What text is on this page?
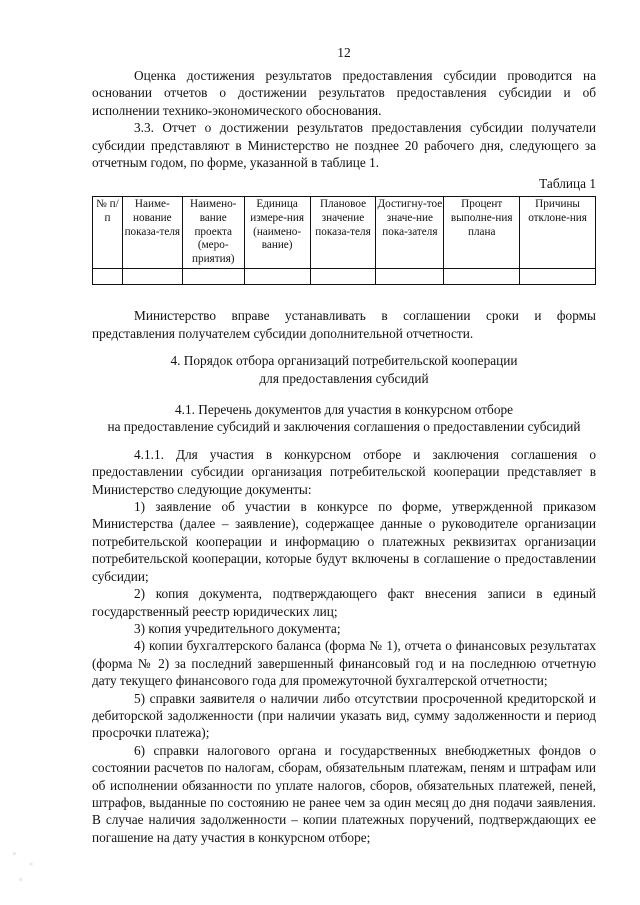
12

Оценка достижения результатов предоставления субсидии проводится на основании отчетов о достижении результатов предоставления субсидии и об исполнении технико-экономического обоснования.

3.3. Отчет о достижении результатов предоставления субсидии получатели субсидии представляют в Министерство не позднее 20 рабочего дня, следующего за отчетным годом, по форме, указанной в таблице 1.

Таблица 1

№ п/п	Наиме-нование показа-теля	Наимено-вание проекта (меро-приятия)	Единица измере-ния (наимено-вание)	Плановое значение показа-теля	Достигну-тое значе-ние пока-зателя	Процент выполне-ния плана	Причины отклоне-ния

Министерство вправе устанавливать в соглашении сроки и формы представления получателем субсидии дополнительной отчетности.

4. Порядок отбора организаций потребительской кооперации

для предоставления субсидий

4.1. Перечень документов для участия в конкурсном отборе

на предоставление субсидий и заключения соглашения о предоставлении субсидий

4.1.1. Для участия в конкурсном отборе и заключения соглашения о предоставлении субсидии организация потребительской кооперации представляет в Министерство следующие документы:

1) заявление об участии в конкурсе по форме, утвержденной приказом Министерства (далее – заявление), содержащее данные о руководителе организации потребительской кооперации и информацию о платежных реквизитах организации потребительской кооперации, которые будут включены в соглашение о предоставлении субсидии;

2) копия документа, подтверждающего факт внесения записи в единый государственный реестр юридических лиц;

3) копия учредительного документа;

4) копии бухгалтерского баланса (форма № 1), отчета о финансовых результатах (форма № 2) за последний завершенный финансовый год и на последнюю отчетную дату текущего финансового года для промежуточной бухгалтерской отчетности;

5) справки заявителя о наличии либо отсутствии просроченной кредиторской и дебиторской задолженности (при наличии указать вид, сумму задолженности и период просрочки платежа);

6) справки налогового органа и государственных внебюджетных фондов о состоянии расчетов по налогам, сборам, обязательным платежам, пеням и штрафам или об исполнении обязанности по уплате налогов, сборов, обязательных платежей, пеней, штрафов, выданные по состоянию не ранее чем за один месяц до дня подачи заявления. В случае наличия задолженности – копии платежных поручений, подтверждающих ее погашение на дату участия в конкурсном отборе;
